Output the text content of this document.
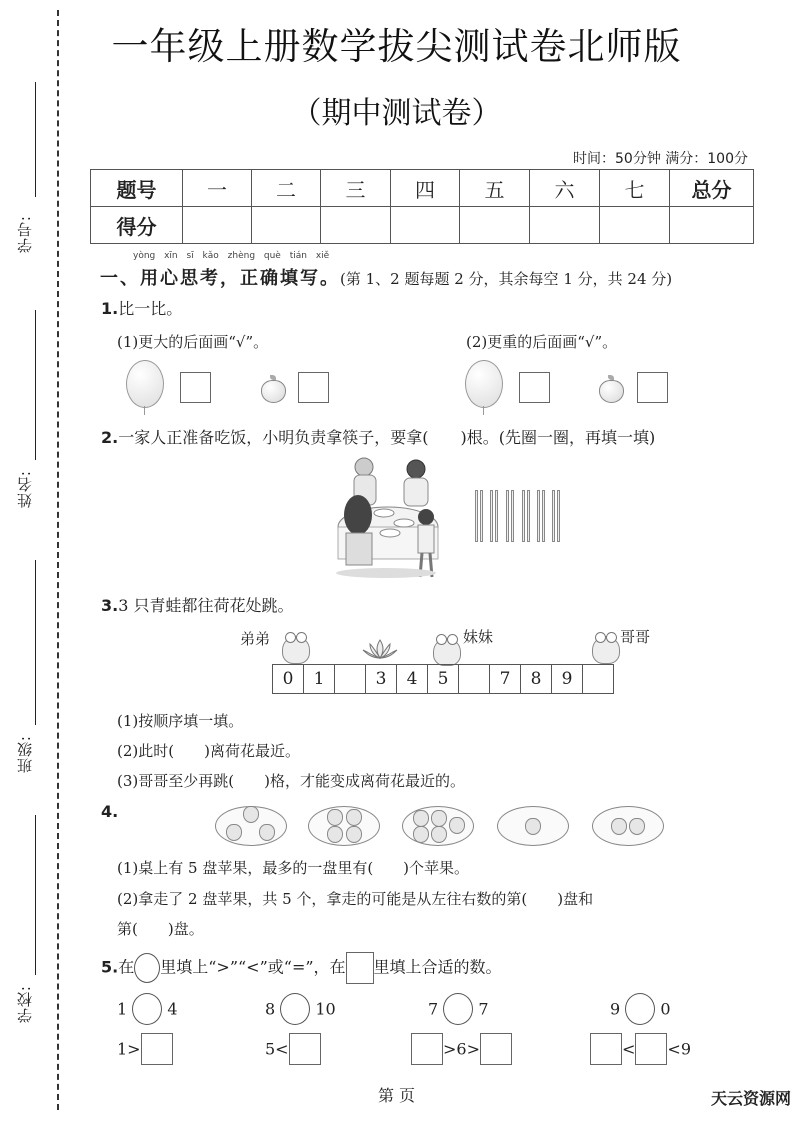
学号:
姓名:
班级:
学校:
一年级上册数学拔尖测试卷北师版
（期中测试卷）
时间：50分钟 满分：100分
题号	一	二	三	四	五	六	七	总分
得分								
yòng xīn sī kǎo zhèng què tián xiě
一、用心思考，正确填写。(第 1、2 题每题 2 分，其余每空 1 分，共 24 分)
1.比一比。
(1)更大的后面画“√”。	(2)更重的后面画“√”。
2.一家人正准备吃饭，小明负责拿筷子，要拿(　　)根。(先圈一圈，再填一填)
3.3 只青蛙都往荷花处跳。
弟弟	妹妹	哥哥
0	1		3	4	5		7	8	9	
(1)按顺序填一填。
(2)此时(　　)离荷花最近。
(3)哥哥至少再跳(　　)格，才能变成离荷花最近的。
4.
(1)桌上有 5 盘苹果，最多的一盘里有(　　)个苹果。
(2)拿走了 2 盘苹果，共 5 个，拿走的可能是从左往右数的第(　　)盘和
第(　　)盘。
5.在 里填上“>”“<”或“=”，在 里填上合适的数。
1	4	8	10	7	7	9	0
1>	5<	>6>	< <9
第 页	天云资源网
